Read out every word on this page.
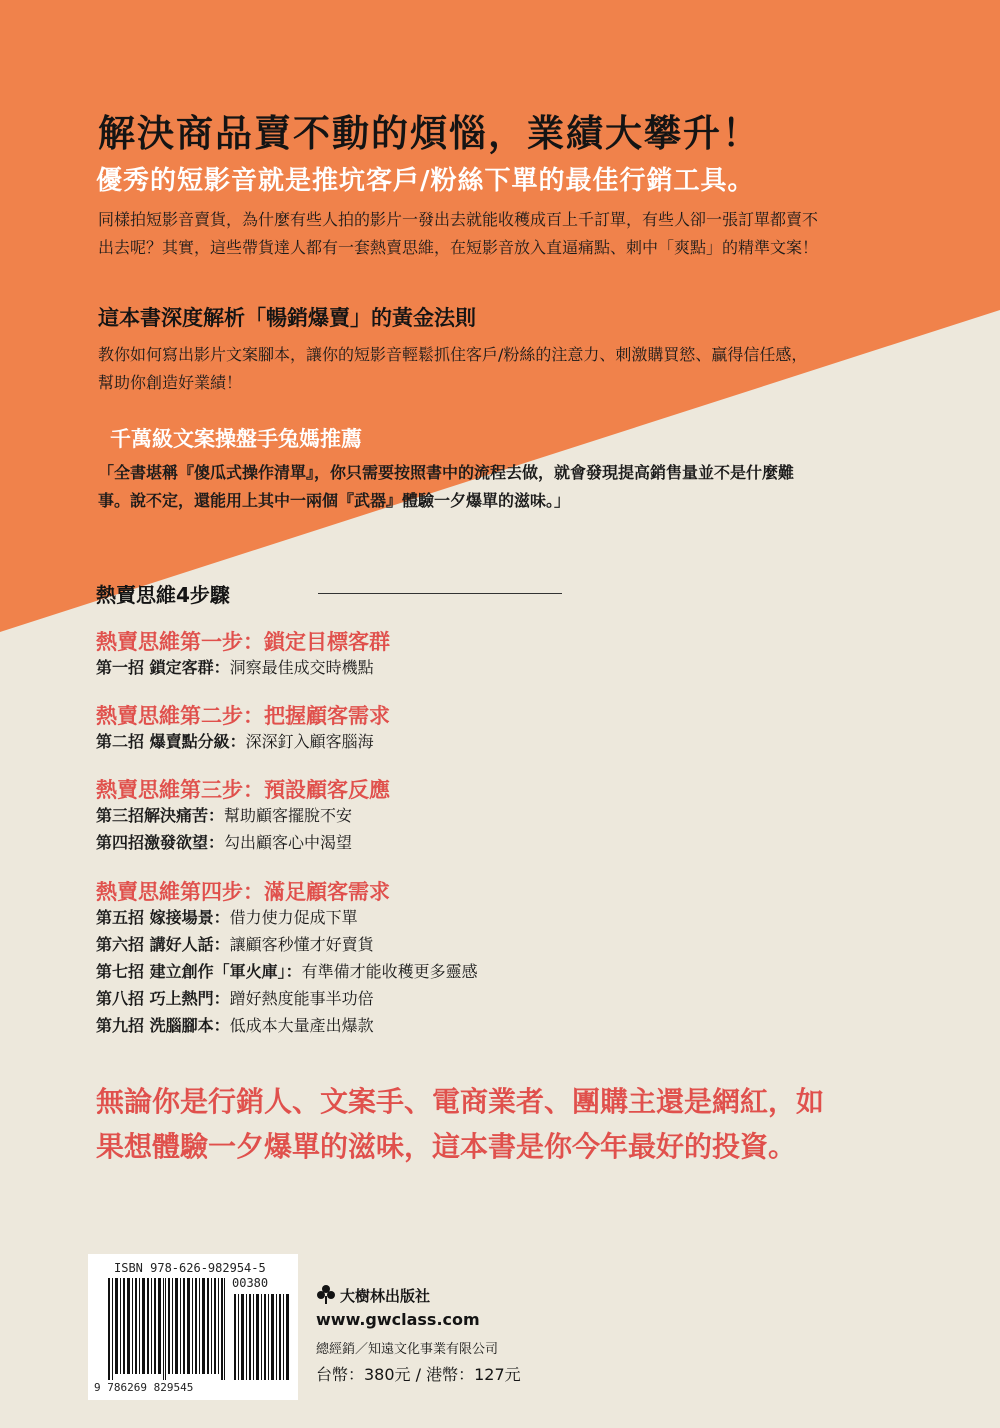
解決商品賣不動的煩惱，業績大攀升！
優秀的短影音就是推坑客戶/粉絲下單的最佳行銷工具。
同樣拍短影音賣貨，為什麼有些人拍的影片一發出去就能收穫成百上千訂單，有些人卻一張訂單都賣不出去呢？其實，這些帶貨達人都有一套熱賣思維，在短影音放入直逼痛點、刺中「爽點」的精準文案！
這本書深度解析「暢銷爆賣」的黃金法則
教你如何寫出影片文案腳本，讓你的短影音輕鬆抓住客戶/粉絲的注意力、刺激購買慾、贏得信任感，幫助你創造好業績！
千萬級文案操盤手兔媽推薦
「全書堪稱『傻瓜式操作清單』，你只需要按照書中的流程去做，就會發現提高銷售量並不是什麼難事。說不定，還能用上其中一兩個『武器』體驗一夕爆單的滋味。」
熱賣思維4步驟
熱賣思維第一步：鎖定目標客群
第一招 鎖定客群：洞察最佳成交時機點
熱賣思維第二步：把握顧客需求
第二招 爆賣點分級：深深釘入顧客腦海
熱賣思維第三步：預設顧客反應
第三招解決痛苦：幫助顧客擺脫不安
第四招激發欲望：勾出顧客心中渴望
熱賣思維第四步：滿足顧客需求
第五招 嫁接場景：借力使力促成下單
第六招 講好人話：讓顧客秒懂才好賣貨
第七招 建立創作「軍火庫」：有準備才能收穫更多靈感
第八招 巧上熱門：蹭好熱度能事半功倍
第九招 洗腦腳本：低成本大量產出爆款
無論你是行銷人、文案手、電商業者、團購主還是網紅，如果想體驗一夕爆單的滋味，這本書是你今年最好的投資。
ISBN 978-626-982954-5
00380
9 786269 829545
大樹林出版社
www.gwclass.com
總經銷／知遠文化事業有限公司
台幣：380元 / 港幣：127元
